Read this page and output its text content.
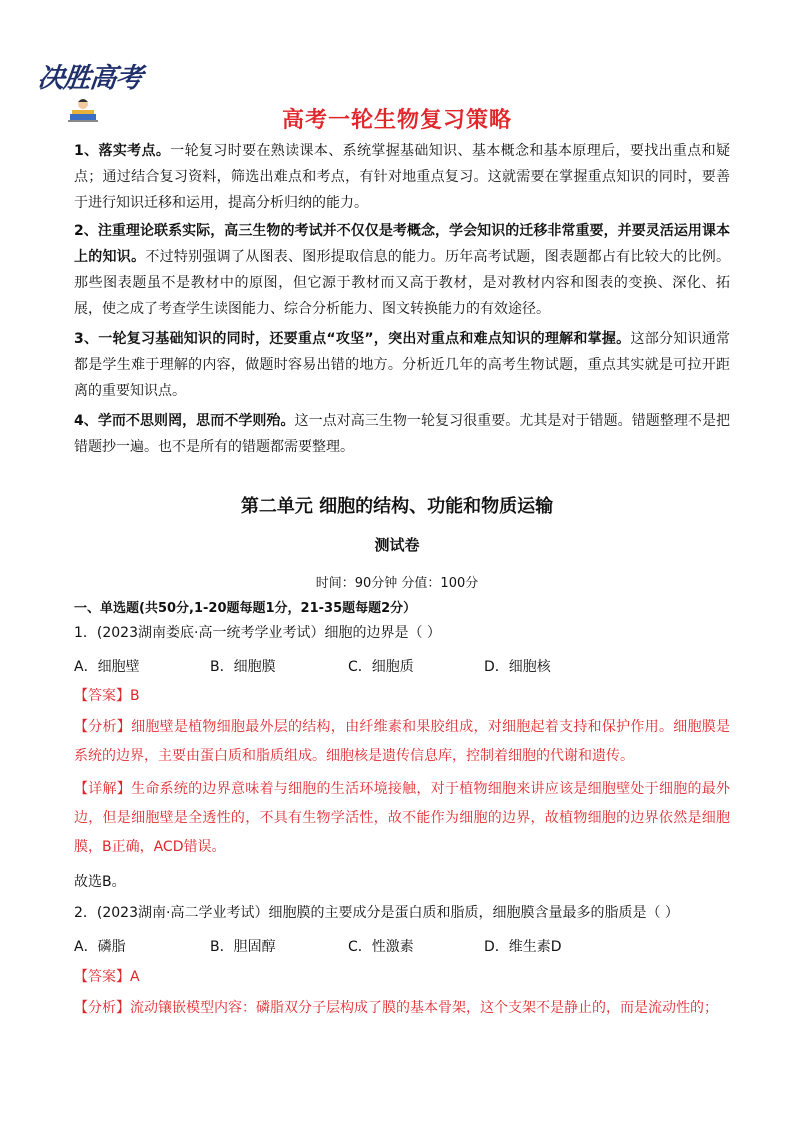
决胜高考
高考一轮生物复习策略
1、落实考点。一轮复习时要在熟读课本、系统掌握基础知识、基本概念和基本原理后，要找出重点和疑点；通过结合复习资料，筛选出难点和考点，有针对地重点复习。这就需要在掌握重点知识的同时，要善于进行知识迁移和运用，提高分析归纳的能力。
2、注重理论联系实际，高三生物的考试并不仅仅是考概念，学会知识的迁移非常重要，并要灵活运用课本上的知识。不过特别强调了从图表、图形提取信息的能力。历年高考试题，图表题都占有比较大的比例。那些图表题虽不是教材中的原图，但它源于教材而又高于教材，是对教材内容和图表的变换、深化、拓展，使之成了考查学生读图能力、综合分析能力、图文转换能力的有效途径。
3、一轮复习基础知识的同时，还要重点“攻坚”，突出对重点和难点知识的理解和掌握。这部分知识通常都是学生难于理解的内容，做题时容易出错的地方。分析近几年的高考生物试题，重点其实就是可拉开距离的重要知识点。
4、学而不思则罔，思而不学则殆。这一点对高三生物一轮复习很重要。尤其是对于错题。错题整理不是把错题抄一遍。也不是所有的错题都需要整理。
第二单元 细胞的结构、功能和物质运输
测试卷
时间：90分钟 分值：100分
一、单选题(共50分,1-20题每题1分，21-35题每题2分）
1．(2023湖南娄底·高一统考学业考试）细胞的边界是（ ）
A．细胞壁	B．细胞膜	C．细胞质	D．细胞核
【答案】B
【分析】细胞壁是植物细胞最外层的结构，由纤维素和果胶组成，对细胞起着支持和保护作用。细胞膜是系统的边界，主要由蛋白质和脂质组成。细胞核是遗传信息库，控制着细胞的代谢和遗传。
【详解】生命系统的边界意味着与细胞的生活环境接触，对于植物细胞来讲应该是细胞壁处于细胞的最外边，但是细胞壁是全透性的，不具有生物学活性，故不能作为细胞的边界，故植物细胞的边界依然是细胞膜，B正确，ACD错误。
故选B。
2．(2023湖南·高二学业考试）细胞膜的主要成分是蛋白质和脂质，细胞膜含量最多的脂质是（ ）
A．磷脂	B．胆固醇	C．性激素	D．维生素D
【答案】A
【分析】流动镶嵌模型内容：磷脂双分子层构成了膜的基本骨架，这个支架不是静止的，而是流动性的；
